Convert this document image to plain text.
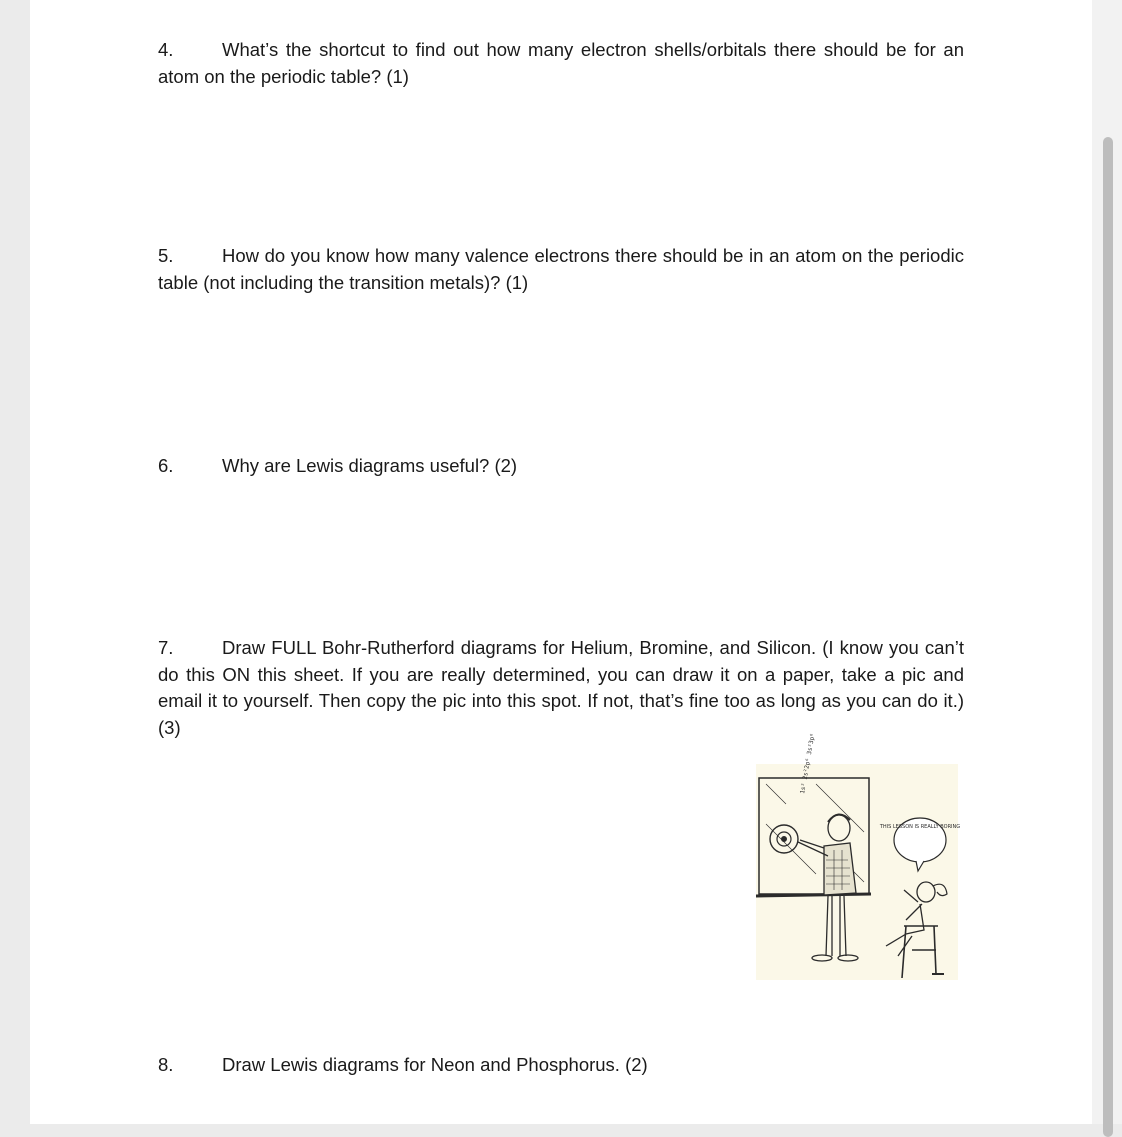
4.	What’s the shortcut to find out how many electron shells/orbitals there should be for an atom on the periodic table? (1)
5.	How do you know how many valence electrons there should be in an atom on the periodic table (not including the transition metals)? (1)
6.	Why are Lewis diagrams useful? (2)
7.	Draw FULL Bohr-Rutherford diagrams for Helium, Bromine, and Silicon. (I know you can’t do this ON this sheet. If you are really determined, you can draw it on a paper, take a pic and email it to yourself. Then copy the pic into this spot. If not, that’s fine too as long as you can do it.) (3)
8.	Draw Lewis diagrams for Neon and Phosphorus. (2)
1s² 2s²2p⁶ 3s²3p⁶
THIS LESSON IS REALLY BORING
